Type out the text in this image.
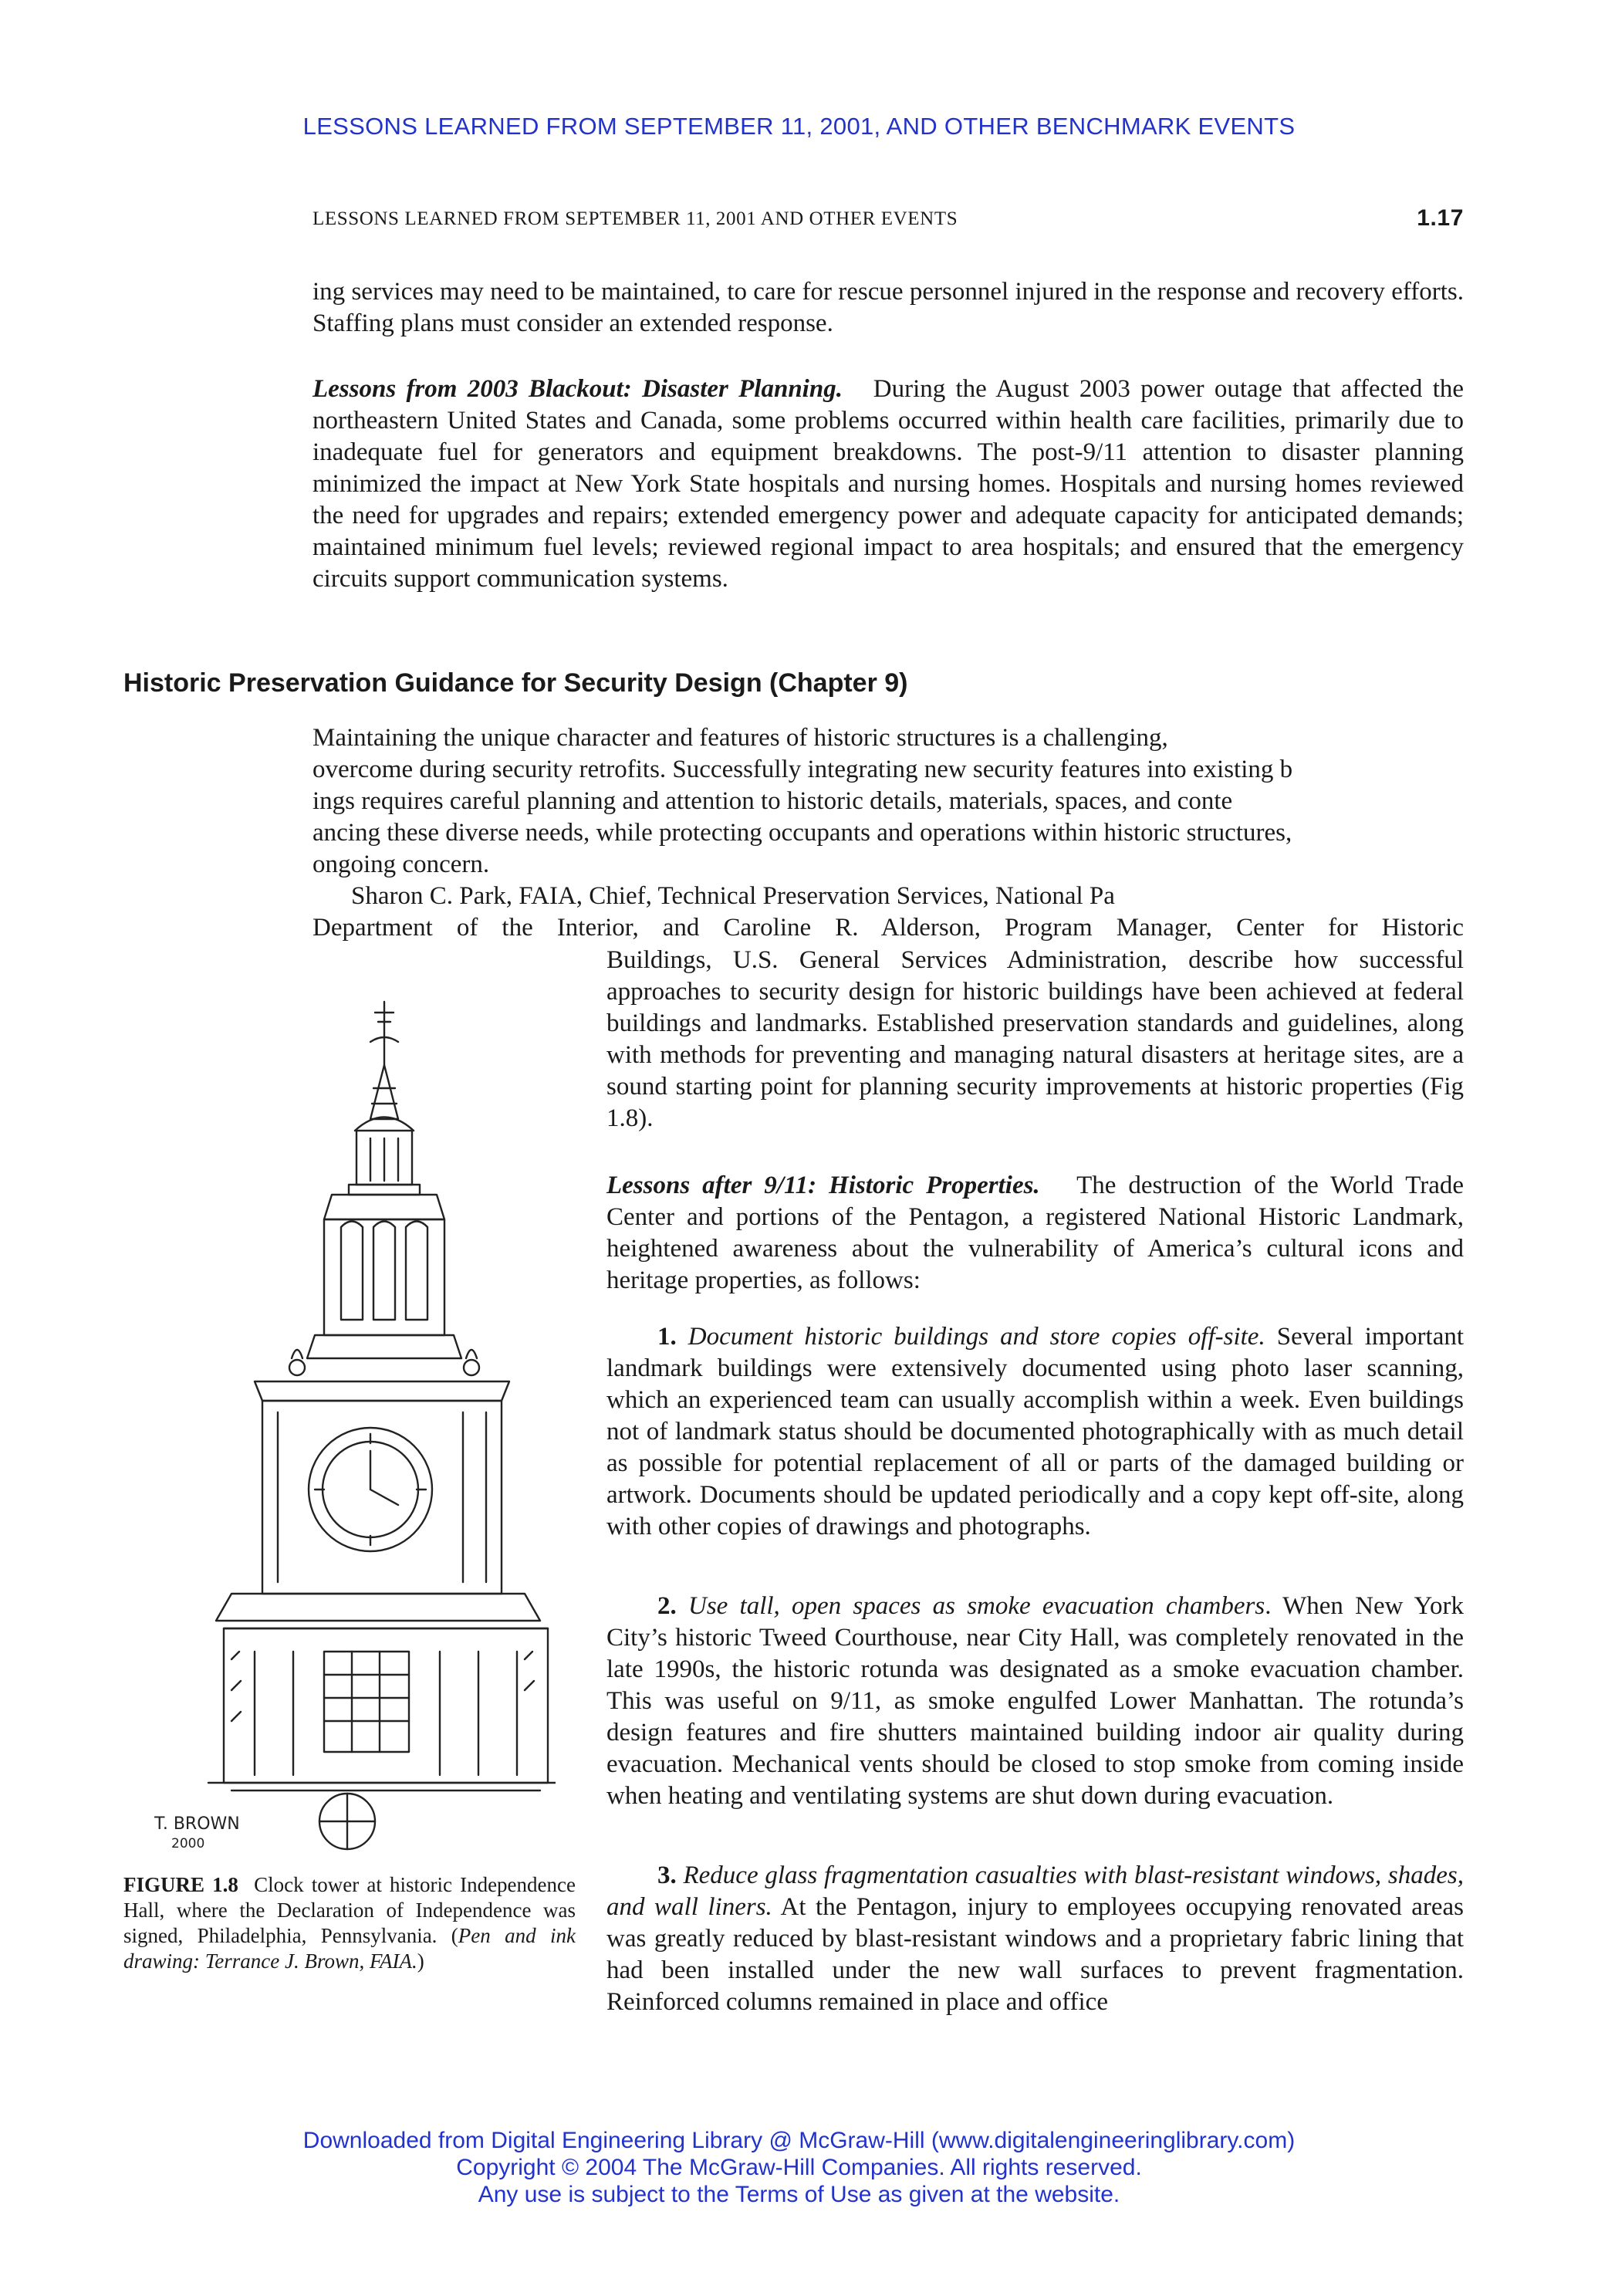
LESSONS LEARNED FROM SEPTEMBER 11, 2001, AND OTHER BENCHMARK EVENTS
LESSONS LEARNED FROM SEPTEMBER 11, 2001 AND OTHER EVENTS	1.17

ing services may need to be maintained, to care for rescue personnel injured in the response and recovery efforts. Staffing plans must consider an extended response.

Lessons from 2003 Blackout: Disaster Planning. During the August 2003 power outage that affected the northeastern United States and Canada, some problems occurred within health care facilities, primarily due to inadequate fuel for generators and equipment breakdowns. The post-9/11 attention to disaster planning minimized the impact at New York State hospitals and nursing homes. Hospitals and nursing homes reviewed the need for upgrades and repairs; extended emergency power and adequate capacity for anticipated demands; maintained minimum fuel levels; reviewed regional impact to area hospitals; and ensured that the emergency circuits support communication systems.

Historic Preservation Guidance for Security Design (Chapter 9)
Maintaining the unique character and features of historic structures is a challenging,
overcome during security retrofits. Successfully integrating new security features into existing b
ings requires careful planning and attention to historic details, materials, spaces, and conte
ancing these diverse needs, while protecting occupants and operations within historic structures,
ongoing concern.
Sharon C. Park, FAIA, Chief, Technical Preservation Services, National Pa
Department of the Interior, and Caroline R. Alderson, Program Manager, Center for Historic

Buildings, U.S. General Services Administration, describe how successful approaches to security design for historic buildings have been achieved at federal buildings and landmarks. Established preservation standards and guidelines, along with methods for preventing and managing natural disasters at heritage sites, are a sound starting point for planning security improvements at historic properties (Fig 1.8).

Lessons after 9/11: Historic Properties. The destruction of the World Trade Center and portions of the Pentagon, a registered National Historic Landmark, heightened awareness about the vulnerability of America’s cultural icons and heritage properties, as follows:

1. Document historic buildings and store copies off-site. Several important landmark buildings were extensively documented using photo laser scanning, which an experienced team can usually accomplish within a week. Even buildings not of landmark status should be documented photographically with as much detail as possible for potential replacement of all or parts of the damaged building or artwork. Documents should be updated periodically and a copy kept off-site, along with other copies of drawings and photographs.

2. Use tall, open spaces as smoke evacuation chambers. When New York City’s historic Tweed Courthouse, near City Hall, was completely renovated in the late 1990s, the historic rotunda was designated as a smoke evacuation chamber. This was useful on 9/11, as smoke engulfed Lower Manhattan. The rotunda’s design features and fire shutters maintained building indoor air quality during evacuation. Mechanical vents should be closed to stop smoke from coming inside when heating and ventilating systems are shut down during evacuation.

3. Reduce glass fragmentation casualties with blast-resistant windows, shades, and wall liners. At the Pentagon, injury to employees occupying renovated areas was greatly reduced by blast-resistant windows and a proprietary fabric lining that had been installed under the new wall surfaces to prevent fragmentation. Reinforced columns remained in place and office

T. BROWN
2000
FIGURE 1.8 Clock tower at historic Independence Hall, where the Declaration of Independence was signed, Philadelphia, Pennsylvania. (Pen and ink drawing: Terrance J. Brown, FAIA.)
Downloaded from Digital Engineering Library @ McGraw-Hill (www.digitalengineeringlibrary.com)
Copyright © 2004 The McGraw-Hill Companies. All rights reserved.
Any use is subject to the Terms of Use as given at the website.
